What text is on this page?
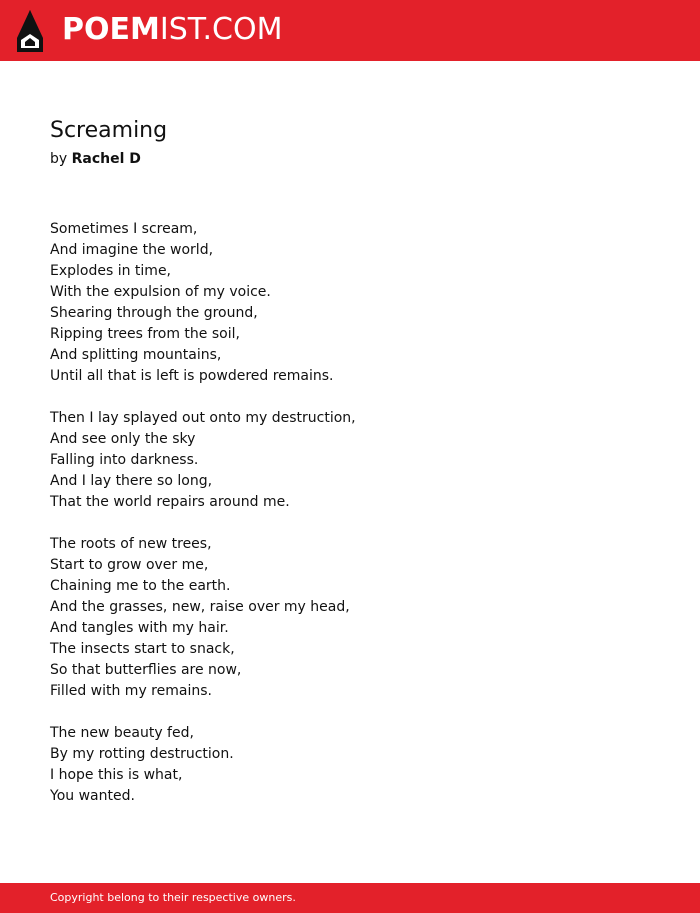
POEMIST.COM
Screaming
by Rachel D
Sometimes I scream,
And imagine the world,
Explodes in time,
With the expulsion of my voice.
Shearing through the ground,
Ripping trees from the soil,
And splitting mountains,
Until all that is left is powdered remains.
Then I lay splayed out onto my destruction,
And see only the sky
Falling into darkness.
And I lay there so long,
That the world repairs around me.
The roots of new trees,
Start to grow over me,
Chaining me to the earth.
And the grasses, new, raise over my head,
And tangles with my hair.
The insects start to snack,
So that butterflies are now,
Filled with my remains.
The new beauty fed,
By my rotting destruction.
I hope this is what,
You wanted.
Copyright belong to their respective owners.
